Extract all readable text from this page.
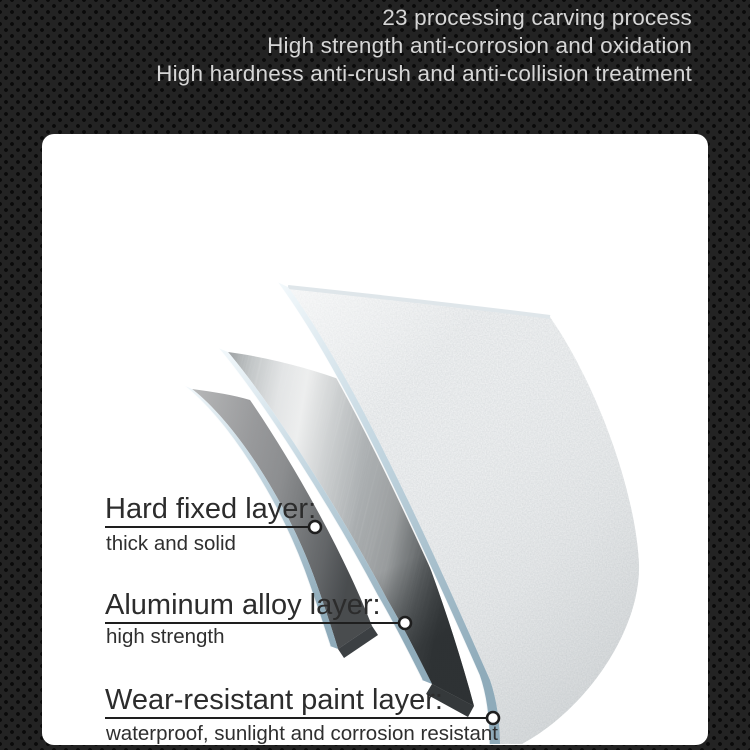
23 processing carving process
High strength anti-corrosion and oxidation
High hardness anti-crush and anti-collision treatment

Hard fixed layer:

thick and solid

Aluminum alloy layer:

high strength

Wear-resistant paint layer:

waterproof, sunlight and corrosion resistant
